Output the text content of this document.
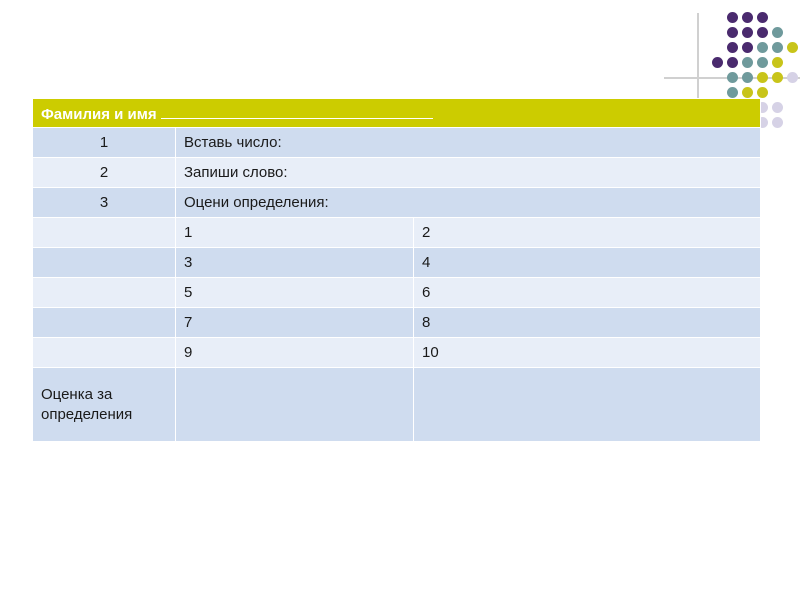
Фамилия и имя		
1	Вставь число:	
2	Запиши слово:	
3	Оцени определения:	
	1	2
	3	4
	5	6
	7	8
	9	10
Оценка за определения		
